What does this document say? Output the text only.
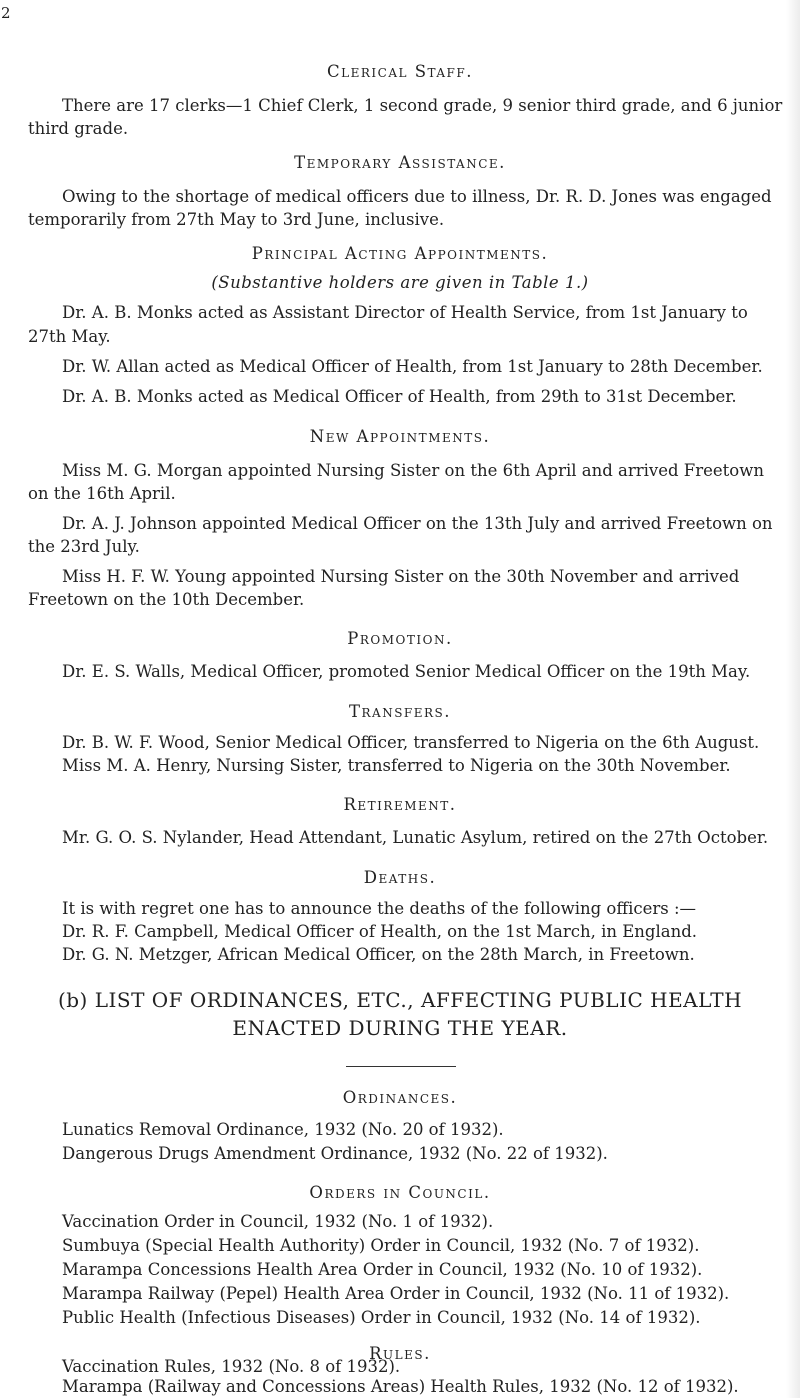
2
Clerical Staff.
There are 17 clerks—1 Chief Clerk, 1 second grade, 9 senior third grade, and 6 junior
third grade.
Temporary Assistance.
Owing to the shortage of medical officers due to illness, Dr. R. D. Jones was engaged
temporarily from 27th May to 3rd June, inclusive.
Principal Acting Appointments.
(Substantive holders are given in Table 1.)
Dr. A. B. Monks acted as Assistant Director of Health Service, from 1st January to
27th May.
Dr. W. Allan acted as Medical Officer of Health, from 1st January to 28th December.
Dr. A. B. Monks acted as Medical Officer of Health, from 29th to 31st December.
New Appointments.
Miss M. G. Morgan appointed Nursing Sister on the 6th April and arrived Freetown
on the 16th April.
Dr. A. J. Johnson appointed Medical Officer on the 13th July and arrived Freetown on
the 23rd July.
Miss H. F. W. Young appointed Nursing Sister on the 30th November and arrived
Freetown on the 10th December.
Promotion.
Dr. E. S. Walls, Medical Officer, promoted Senior Medical Officer on the 19th May.
Transfers.
Dr. B. W. F. Wood, Senior Medical Officer, transferred to Nigeria on the 6th August.
Miss M. A. Henry, Nursing Sister, transferred to Nigeria on the 30th November.
Retirement.
Mr. G. O. S. Nylander, Head Attendant, Lunatic Asylum, retired on the 27th October.
Deaths.
It is with regret one has to announce the deaths of the following officers :—
Dr. R. F. Campbell, Medical Officer of Health, on the 1st March, in England.
Dr. G. N. Metzger, African Medical Officer, on the 28th March, in Freetown.
(b) LIST OF ORDINANCES, ETC., AFFECTING PUBLIC HEALTH
ENACTED DURING THE YEAR.
Ordinances.
Lunatics Removal Ordinance, 1932 (No. 20 of 1932).
Dangerous Drugs Amendment Ordinance, 1932 (No. 22 of 1932).
Orders in Council.
Vaccination Order in Council, 1932 (No. 1 of 1932).
Sumbuya (Special Health Authority) Order in Council, 1932 (No. 7 of 1932).
Marampa Concessions Health Area Order in Council, 1932 (No. 10 of 1932).
Marampa Railway (Pepel) Health Area Order in Council, 1932 (No. 11 of 1932).
Public Health (Infectious Diseases) Order in Council, 1932 (No. 14 of 1932).
Rules.
Vaccination Rules, 1932 (No. 8 of 1932).
Marampa (Railway and Concessions Areas) Health Rules, 1932 (No. 12 of 1932).
